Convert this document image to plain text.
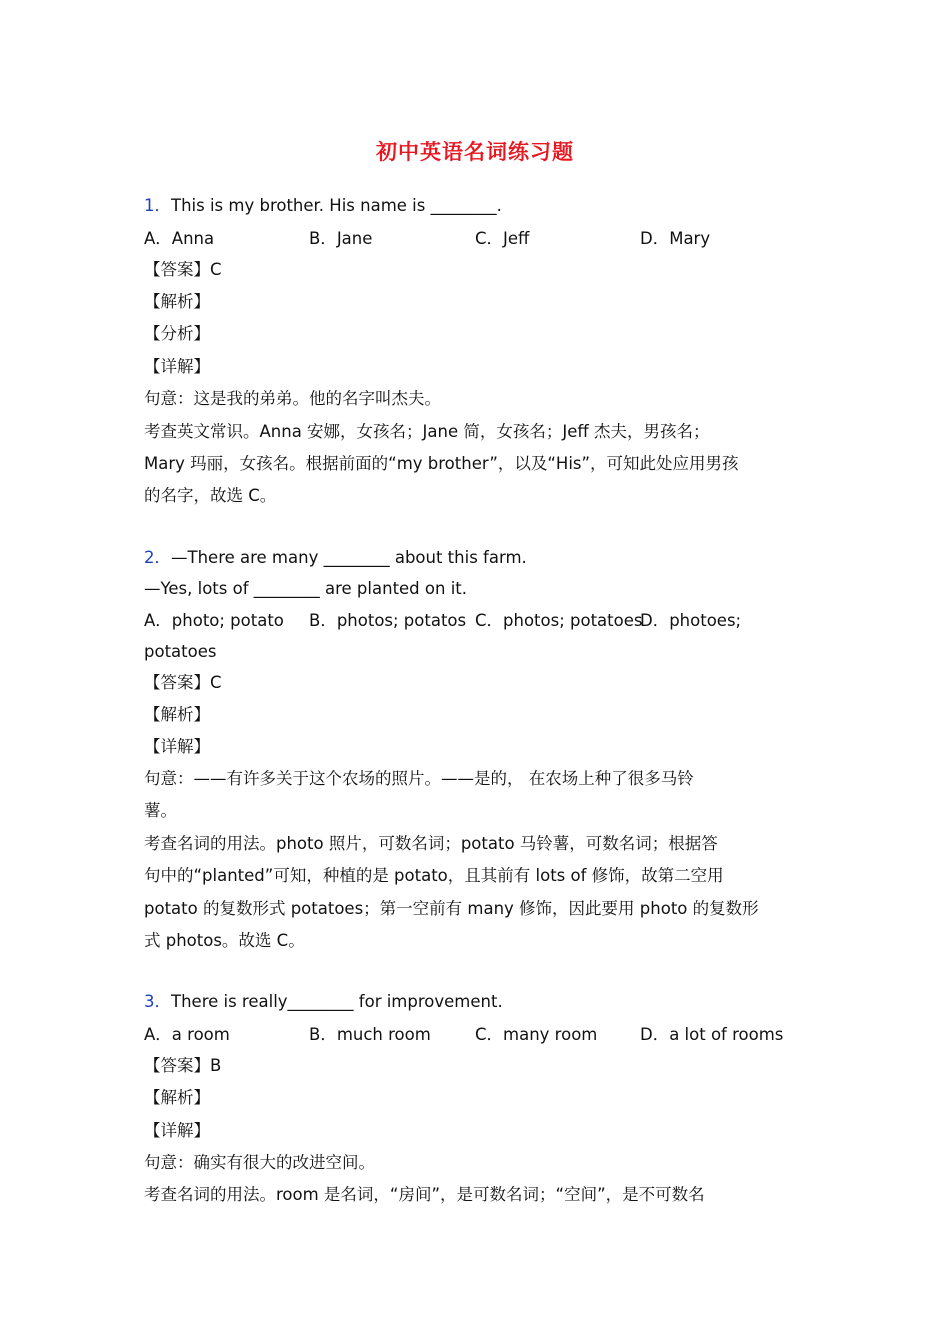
初中英语名词练习题
1．This is my brother. His name is ________.
A．Anna	B．Jane	C．Jeff	D．Mary
【答案】C
【解析】
【分析】
【详解】
句意：这是我的弟弟。他的名字叫杰夫。
考查英文常识。Anna 安娜，女孩名；Jane 简，女孩名；Jeff 杰夫，男孩名；
Mary 玛丽，女孩名。根据前面的“my brother”，以及“His”，可知此处应用男孩
的名字，故选 C。
2．—There are many ________ about this farm.
—Yes, lots of ________ are planted on it.
A．photo; potato B．photos; potatos C．photos; potatoes
D．photoes;
potatoes
【答案】C
【解析】
【详解】
句意：——有许多关于这个农场的照片。——是的， 在农场上种了很多马铃
薯。
考查名词的用法。photo 照片，可数名词；potato 马铃薯，可数名词；根据答
句中的“planted”可知，种植的是 potato，且其前有 lots of 修饰，故第二空用
potato 的复数形式 potatoes；第一空前有 many 修饰，因此要用 photo 的复数形
式 photos。故选 C。
3．There is really________ for improvement.
A．a room	B．much room	C．many room	D．a lot of rooms
【答案】B
【解析】
【详解】
句意：确实有很大的改进空间。
考查名词的用法。room 是名词，“房间”，是可数名词；“空间”，是不可数名
